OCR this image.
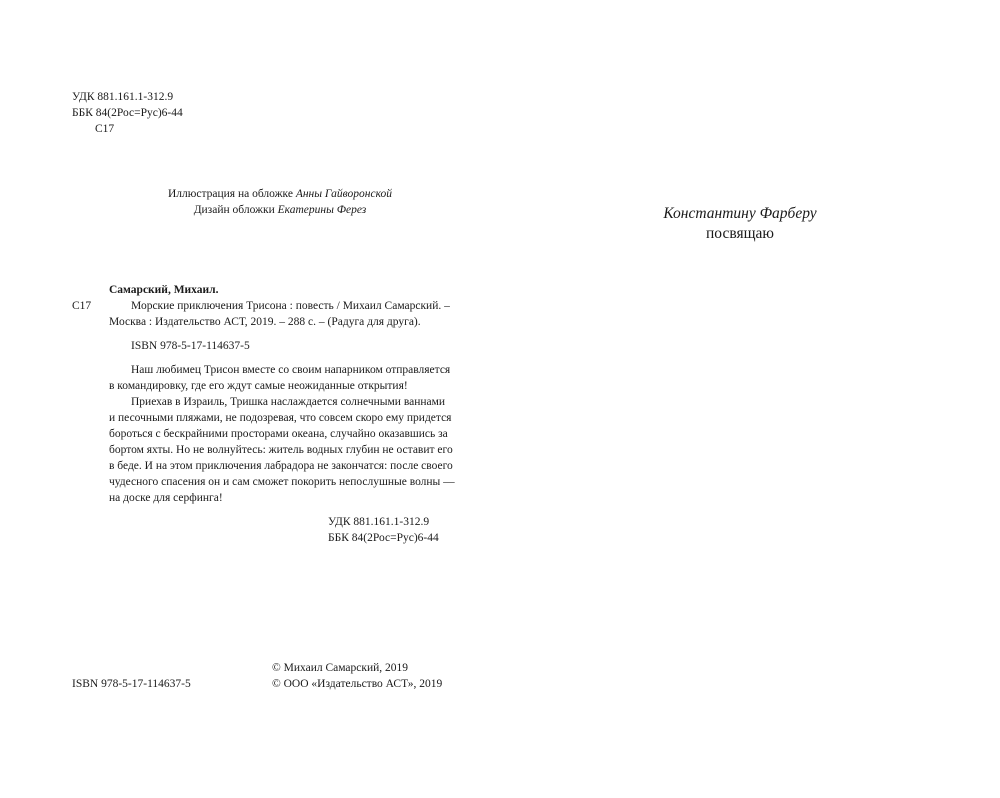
УДК 881.161.1-312.9
ББК 84(2Рос=Рус)6-44
С17
Иллюстрация на обложке Анны Гайворонской
Дизайн обложки Екатерины Ферез
Самарский, Михаил.
С17	Морские приключения Трисона : повесть / Михаил Самарский. –
Москва : Издательство АСТ, 2019. – 288 с. – (Радуга для друга).
ISBN 978-5-17-114637-5
Наш любимец Трисон вместе со своим напарником отправляется
в командировку, где его ждут самые неожиданные открытия!
Приехав в Израиль, Тришка наслаждается солнечными ваннами
и песочными пляжами, не подозревая, что совсем скоро ему придется
бороться с бескрайними просторами океана, случайно оказавшись за
бортом яхты. Но не волнуйтесь: житель водных глубин не оставит его
в беде. И на этом приключения лабрадора не закончатся: после своего
чудесного спасения он и сам сможет покорить непослушные волны —
на доске для серфинга!
УДК 881.161.1-312.9
ББК 84(2Рос=Рус)6-44
© Михаил Самарский, 2019
ISBN 978-5-17-114637-5	© ООО «Издательство АСТ», 2019
Константину Фарберу
посвящаю
